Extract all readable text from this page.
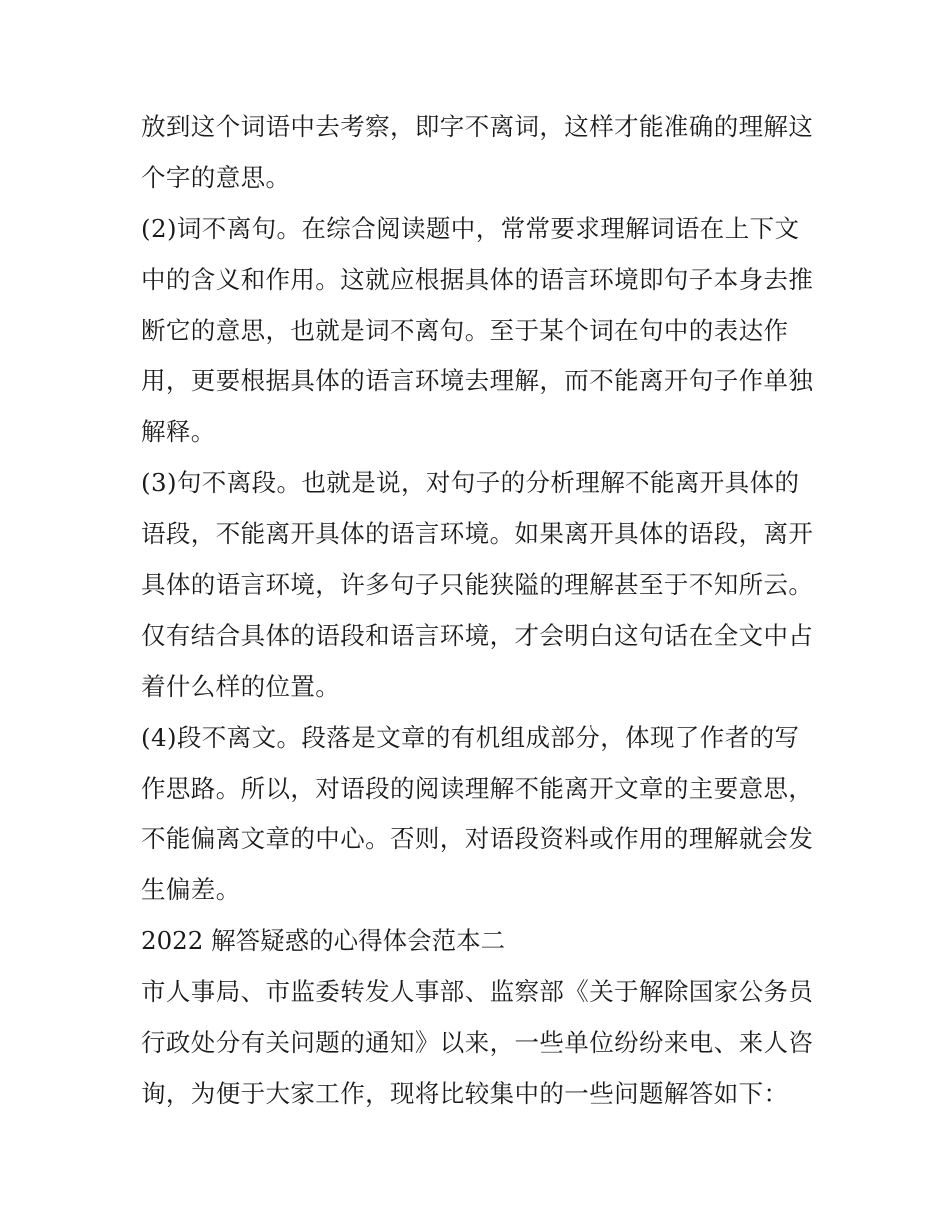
放到这个词语中去考察，即字不离词，这样才能准确的理解这
个字的意思。
(2)词不离句。在综合阅读题中，常常要求理解词语在上下文
中的含义和作用。这就应根据具体的语言环境即句子本身去推
断它的意思，也就是词不离句。至于某个词在句中的表达作
用，更要根据具体的语言环境去理解，而不能离开句子作单独
解释。
(3)句不离段。也就是说，对句子的分析理解不能离开具体的
语段，不能离开具体的语言环境。如果离开具体的语段，离开
具体的语言环境，许多句子只能狭隘的理解甚至于不知所云。
仅有结合具体的语段和语言环境，才会明白这句话在全文中占
着什么样的位置。
(4)段不离文。段落是文章的有机组成部分，体现了作者的写
作思路。所以，对语段的阅读理解不能离开文章的主要意思，
不能偏离文章的中心。否则，对语段资料或作用的理解就会发
生偏差。
2022 解答疑惑的心得体会范本二
市人事局、市监委转发人事部、监察部《关于解除国家公务员
行政处分有关问题的通知》以来，一些单位纷纷来电、来人咨
询，为便于大家工作，现将比较集中的一些问题解答如下：
